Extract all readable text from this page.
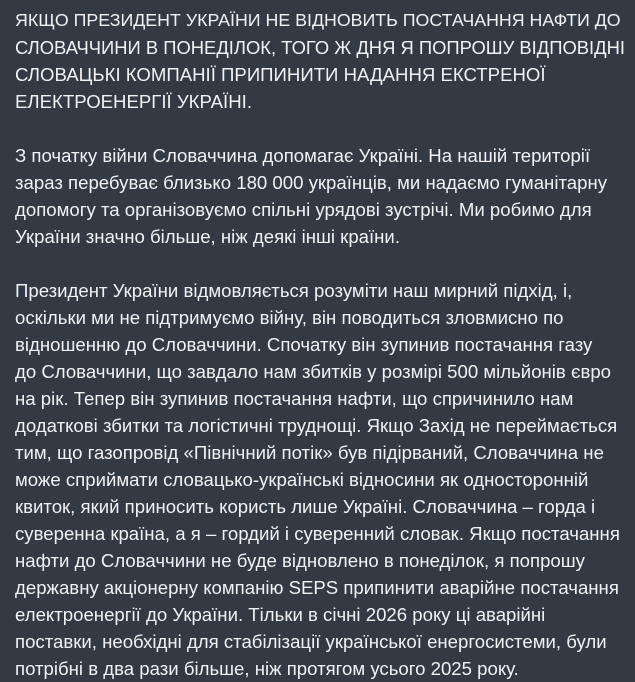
ЯКЩО ПРЕЗИДЕНТ УКРАЇНИ НЕ ВІДНОВИТЬ ПОСТАЧАННЯ НАФТИ ДО
СЛОВАЧЧИНИ В ПОНЕДІЛОК, ТОГО Ж ДНЯ Я ПОПРОШУ ВІДПОВІДНІ
СЛОВАЦЬКІ КОМПАНІЇ ПРИПИНИТИ НАДАННЯ ЕКСТРЕНОЇ
ЕЛЕКТРОЕНЕРГІЇ УКРАЇНІ.

З початку війни Словаччина допомагає Україні. На нашій території
зараз перебуває близько 180 000 українців, ми надаємо гуманітарну
допомогу та організовуємо спільні урядові зустрічі. Ми робимо для
України значно більше, ніж деякі інші країни.

Президент України відмовляється розуміти наш мирний підхід, і,
оскільки ми не підтримуємо війну, він поводиться зловмисно по
відношенню до Словаччини. Спочатку він зупинив постачання газу
до Словаччини, що завдало нам збитків у розмірі 500 мільйонів євро
на рік. Тепер він зупинив постачання нафти, що спричинило нам
додаткові збитки та логістичні труднощі. Якщо Захід не переймається
тим, що газопровід «Північний потік» був підірваний, Словаччина не
може сприймати словацько-українські відносини як односторонній
квиток, який приносить користь лише Україні. Словаччина – горда і
суверенна країна, а я – гордий і суверенний словак. Якщо постачання
нафти до Словаччини не буде відновлено в понеділок, я попрошу
державну акціонерну компанію SEPS припинити аварійне постачання
електроенергії до України. Тільки в січні 2026 року ці аварійні
поставки, необхідні для стабілізації української енергосистеми, були
потрібні в два рази більше, ніж протягом усього 2025 року.
